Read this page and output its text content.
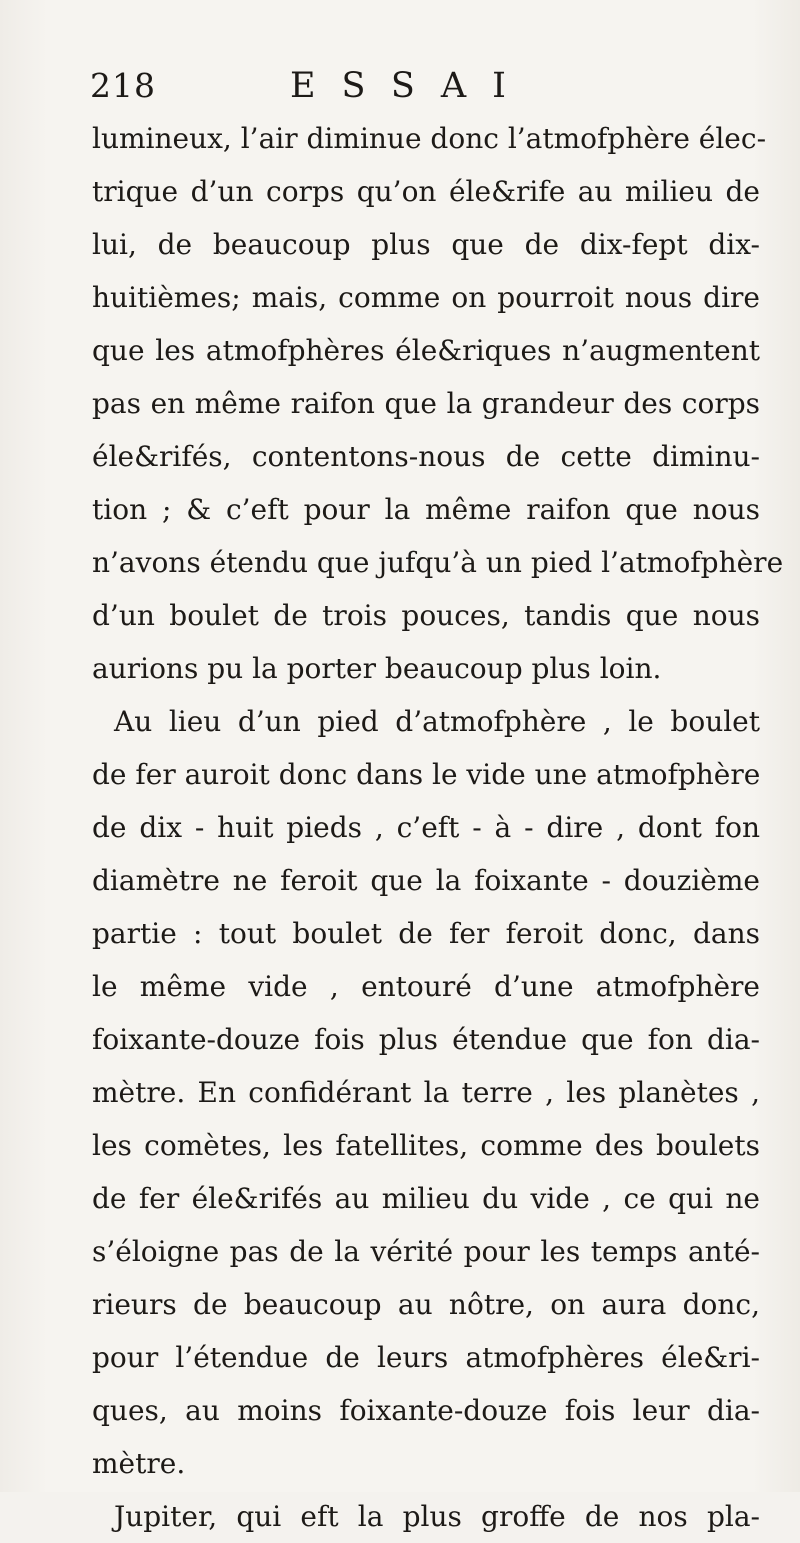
218	ESSAI
lumineux, l’air diminue donc l’atmofphère élec-
trique d’un corps qu’on éle&rife au milieu de
lui, de beaucoup plus que de dix-fept dix-
huitièmes; mais, comme on pourroit nous dire
que les atmofphères éle&riques n’augmentent
pas en même raifon que la grandeur des corps
éle&rifés, contentons-nous de cette diminu-
tion ; & c’eft pour la même raifon que nous
n’avons étendu que jufqu’à un pied l’atmofphère
d’un boulet de trois pouces, tandis que nous
aurions pu la porter beaucoup plus loin.
Au lieu d’un pied d’atmofphère , le boulet
de fer auroit donc dans le vide une atmofphère
de dix - huit pieds , c’eft - à - dire , dont fon
diamètre ne feroit que la foixante - douzième
partie : tout boulet de fer feroit donc, dans
le même vide , entouré d’une atmofphère
foixante-douze fois plus étendue que fon dia-
mètre. En confidérant la terre , les planètes ,
les comètes, les fatellites, comme des boulets
de fer éle&rifés au milieu du vide , ce qui ne
s’éloigne pas de la vérité pour les temps anté-
rieurs de beaucoup au nôtre, on aura donc,
pour l’étendue de leurs atmofphères éle&ri-
ques, au moins foixante-douze fois leur dia-
mètre.
Jupiter, qui eft la plus groffe de nos pla-
